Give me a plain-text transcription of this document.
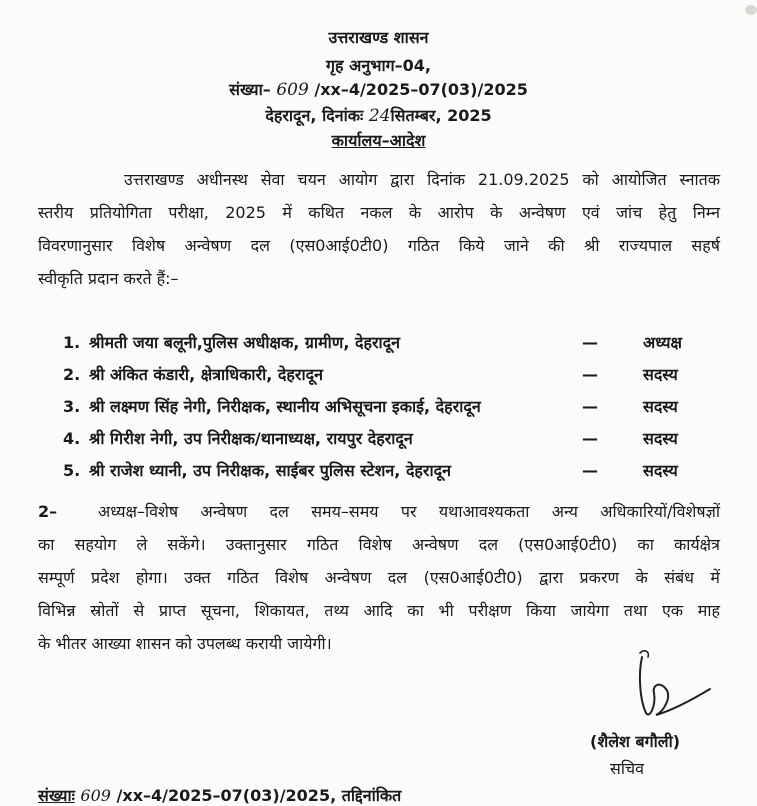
उत्तराखण्ड शासन
गृह अनुभाग–04,
संख्या– 609 /xx–4/2025–07(03)/2025
देहरादून, दिनांकः 24सितम्बर, 2025
कार्यालय–आदेश
उत्तराखण्ड अधीनस्थ सेवा चयन आयोग द्वारा दिनांक 21.09.2025 को आयोजित स्नातक
स्तरीय प्रतियोगिता परीक्षा, 2025 में कथित नकल के आरोप के अन्वेषण एवं जांच हेतु निम्न
विवरणानुसार विशेष अन्वेषण दल (एस0आई0टी0) गठित किये जाने की श्री राज्यपाल सहर्ष
स्वीकृति प्रदान करते हैं:–
1. श्रीमती जया बलूनी,पुलिस अधीक्षक, ग्रामीण, देहरादून	—	अध्यक्ष
2. श्री अंकित कंडारी, क्षेत्राधिकारी, देहरादून	—	सदस्य
3. श्री लक्ष्मण सिंह नेगी, निरीक्षक, स्थानीय अभिसूचना इकाई, देहरादून	—	सदस्य
4. श्री गिरीश नेगी, उप निरीक्षक/थानाध्यक्ष, रायपुर देहरादून	—	सदस्य
5. श्री राजेश ध्यानी, उप निरीक्षक, साईबर पुलिस स्टेशन, देहरादून	—	सदस्य
2–	अध्यक्ष–विशेष अन्वेषण दल समय–समय पर यथाआवश्यकता अन्य अधिकारियों/विशेषज्ञों
का सहयोग ले सकेंगे। उक्तानुसार गठित विशेष अन्वेषण दल (एस0आई0टी0) का कार्यक्षेत्र
सम्पूर्ण प्रदेश होगा। उक्त गठित विशेष अन्वेषण दल (एस0आई0टी0) द्वारा प्रकरण के संबंध में
विभिन्न स्रोतों से प्राप्त सूचना, शिकायत, तथ्य आदि का भी परीक्षण किया जायेगा तथा एक माह
के भीतर आख्या शासन को उपलब्ध करायी जायेगी।
(शैलेश बगौली)
सचिव
संख्याः 609 /xx–4/2025–07(03)/2025, तद्दिनांकित
